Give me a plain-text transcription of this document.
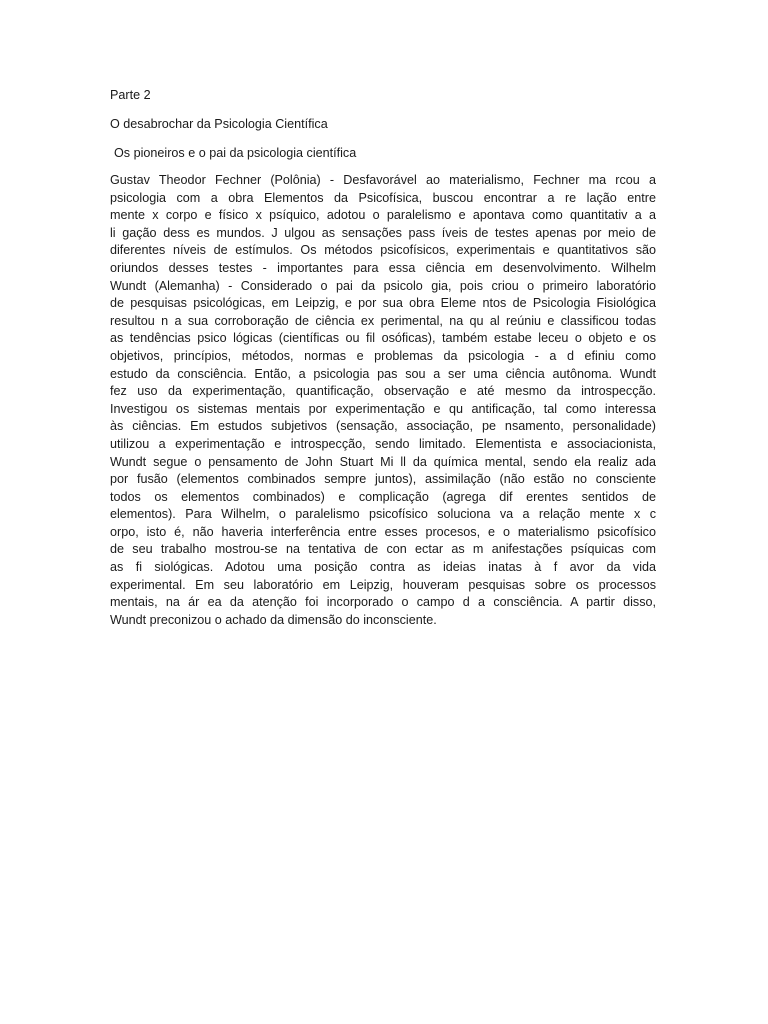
Parte 2

O desabrochar da Psicologia Científica

Os pioneiros e o pai da psicologia científica

Gustav Theodor Fechner (Polônia) - Desfavorável ao materialismo, Fechner ma rcou a
psicologia com a obra Elementos da Psicofísica, buscou encontrar a re lação entre
mente x corpo e físico x psíquico, adotou o paralelismo e apontava como quantitativ a a
li gação dess es mundos. J ulgou as sensações pass íveis de testes apenas por meio de
diferentes níveis de estímulos. Os métodos psicofísicos, experimentais e quantitativos são
oriundos desses testes - importantes para essa ciência em desenvolvimento. Wilhelm
Wundt (Alemanha) - Considerado o pai da psicolo gia, pois criou o primeiro laboratório
de pesquisas psicológicas, em Leipzig, e por sua obra Eleme ntos de Psicologia Fisiológica
resultou n a sua corroboração de ciência ex perimental, na qu al reúniu e classificou todas
as tendências psico lógicas (científicas ou fil osóficas), também estabe leceu o objeto e os
objetivos, princípios, métodos, normas e problemas da psicologia - a d efiniu como
estudo da consciência. Então, a psicologia pas sou a ser uma ciência autônoma. Wundt
fez uso da experimentação, quantificação, observação e até mesmo da introspecção.
Investigou os sistemas mentais por experimentação e qu antificação, tal como interessa
às ciências. Em estudos subjetivos (sensação, associação, pe nsamento, personalidade)
utilizou a experimentação e introspecção, sendo limitado. Elementista e associacionista,
Wundt segue o pensamento de John Stuart Mi ll da química mental, sendo ela realiz ada
por fusão (elementos combinados sempre juntos), assimilação (não estão no consciente
todos os elementos combinados) e complicação (agrega dif erentes sentidos de
elementos). Para Wilhelm, o paralelismo psicofísico soluciona va a relação mente x c
orpo, isto é, não haveria interferência entre esses procesos, e o materialismo psicofísico
de seu trabalho mostrou-se na tentativa de con ectar as m anifestações psíquicas com
as fi siológicas. Adotou uma posição contra as ideias inatas à f avor da vida
experimental. Em seu laboratório em Leipzig, houveram pesquisas sobre os processos
mentais, na ár ea da atenção foi incorporado o campo d a consciência. A partir disso,
Wundt preconizou o achado da dimensão do inconsciente.
